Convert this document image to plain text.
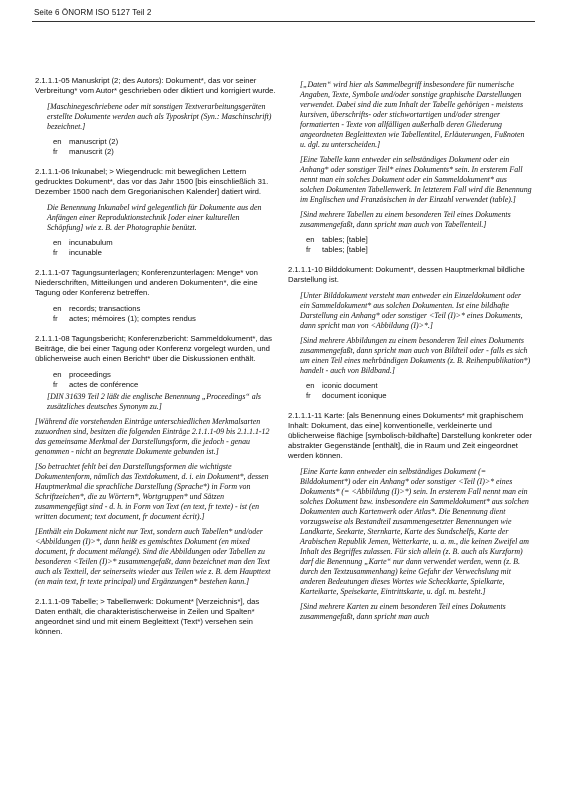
Seite 6 ÖNORM ISO 5127 Teil 2

2.1.1.1-05 Manuskript (2; des Autors): Dokument*, das vor seiner Verbreitung* vom Autor* geschrieben oder diktiert und korrigiert wurde.

[Maschinegeschriebene oder mit sonstigen Textverarbeitungsgeräten erstellte Dokumente werden auch als Typoskript (Syn.: Maschinschrift) bezeichnet.]

en manuscript (2)
fr manuscrit (2)

2.1.1.1-06 Inkunabel; > Wiegendruck: mit beweglichen Lettern gedrucktes Dokument*, das vor das Jahr 1500 [bis einschließlich 31. Dezember 1500 nach dem Gregorianischen Kalender] datiert wird.

Die Benennung Inkunabel wird gelegentlich für Dokumente aus den Anfängen einer Reproduktionstechnik [oder einer kulturellen Schöpfung] wie z. B. der Photographie benützt.

en incunabulum
fr incunable

2.1.1.1-07 Tagungsunterlagen; Konferenzunterlagen: Menge* von Niederschriften, Mitteilungen und anderen Dokumenten*, die eine Tagung oder Konferenz betreffen.

en records; transactions
fr actes; mémoires (1); comptes rendus

2.1.1.1-08 Tagungsbericht; Konferenzbericht: Sammeldokument*, das Beiträge, die bei einer Tagung oder Konferenz vorgelegt wurden, und üblicherweise auch einen Bericht* über die Diskussionen enthält.

en proceedings
fr actes de conférence

[DIN 31639 Teil 2 läßt die englische Benennung „Proceedings“ als zusätzliches deutsches Synonym zu.]

[Während die vorstehenden Einträge unterschiedlichen Merkmalsarten zuzuordnen sind, besitzen die folgenden Einträge 2.1.1.1-09 bis 2.1.1.1-12 das gemeinsame Merkmal der Darstellungsform, die jedoch - genau genommen - nicht an begrenzte Dokumente gebunden ist.]

[So betrachtet fehlt bei den Darstellungsformen die wichtigste Dokumentenform, nämlich das Textdokument, d. i. ein Dokument*, dessen Hauptmerkmal die sprachliche Darstellung (Sprache*) in Form von Schriftzeichen*, die zu Wörtern*, Wortgruppen* und Sätzen zusammengefügt sind - d. h. in Form von Text (en text, fr texte) - ist (en written document; text document, fr document écrit).]

[Enthält ein Dokument nicht nur Text, sondern auch Tabellen* und/oder <Abbildungen (I)>*, dann heißt es gemischtes Dokument (en mixed document, fr document mélangé). Sind die Abbildungen oder Tabellen zu besonderen <Teilen (I)>* zusammengefaßt, dann bezeichnet man den Text auch als Textteil, der seinerseits wieder aus Teilen wie z. B. dem Haupttext (en main text, fr texte principal) und Ergänzungen* bestehen kann.]

2.1.1.1-09 Tabelle; > Tabellenwerk: Dokument* [Verzeichnis*], das Daten enthält, die charakteristischerweise in Zeilen und Spalten* angeordnet sind und mit einem Begleittext (Text*) versehen sein können.

[„Daten“ wird hier als Sammelbegriff insbesondere für numerische Angaben, Texte, Symbole und/oder sonstige graphische Darstellungen verwendet. Dabei sind die zum Inhalt der Tabelle gehörigen - meistens kursiven, überschrifts- oder stichwortartigen und/oder strenger formatierten - Texte von allfälligen außerhalb deren Gliederung angeordneten Begleittexten wie Tabellentitel, Erläuterungen, Fußnoten u. dgl. zu unterscheiden.]

[Eine Tabelle kann entweder ein selbständiges Dokument oder ein Anhang* oder sonstiger Teil* eines Dokuments* sein. In ersterem Fall nennt man ein solches Dokument oder ein Sammeldokument* aus solchen Dokumenten Tabellenwerk. In letzterem Fall wird die Benennung im Englischen und Französischen in der Einzahl verwendet (table).]

[Sind mehrere Tabellen zu einem besonderen Teil eines Dokuments zusammengefaßt, dann spricht man auch von Tabellenteil.]

en tables; [table]
fr tables; [table]

2.1.1.1-10 Bilddokument: Dokument*, dessen Hauptmerkmal bildliche Darstellung ist.

[Unter Bilddokument versteht man entweder ein Einzeldokument oder ein Sammeldokument* aus solchen Dokumenten. Ist eine bildhafte Darstellung ein Anhang* oder sonstiger <Teil (I)>* eines Dokuments, dann spricht man von <Abbildung (I)>*.]

[Sind mehrere Abbildungen zu einem besonderen Teil eines Dokuments zusammengefaßt, dann spricht man auch von Bildteil oder - falls es sich um einen Teil eines mehrbändigen Dokuments (z. B. Reihenpublikation*) handelt - auch von Bildband.]

en iconic document
fr document iconique

2.1.1.1-11 Karte: [als Benennung eines Dokuments* mit graphischem Inhalt: Dokument, das eine] konventionelle, verkleinerte und üblicherweise flächige [symbolisch-bildhafte] Darstellung konkreter oder abstrakter Gegenstände [enthält], die in Raum und Zeit eingeordnet werden können.

[Eine Karte kann entweder ein selbständiges Dokument (= Bilddokument*) oder ein Anhang* oder sonstiger <Teil (I)>* eines Dokuments* (= <Abbildung (I)>*) sein. In ersterem Fall nennt man ein solches Dokument bzw. insbesondere ein Sammeldokument* aus solchen Dokumenten auch Kartenwerk oder Atlas*. Die Benennung dient vorzugsweise als Bestandteil zusammengesetzter Benennungen wie Landkarte, Seekarte, Sternkarte, Karte des Sundschelfs, Karte der Arabischen Republik Jemen, Wetterkarte, u. a. m., die keinen Zweifel am Inhalt des Begriffes zulassen. Für sich allein (z. B. auch als Kurzform) darf die Benennung „Karte“ nur dann verwendet werden, wenn (z. B. durch den Textzusammenhang) keine Gefahr der Verwechslung mit anderen Bedeutungen dieses Wortes wie Scheckkarte, Spielkarte, Karteikarte, Speisekarte, Eintrittskarte, u. dgl. m. besteht.]

[Sind mehrere Karten zu einem besonderen Teil eines Dokuments zusammengefaßt, dann spricht man auch
